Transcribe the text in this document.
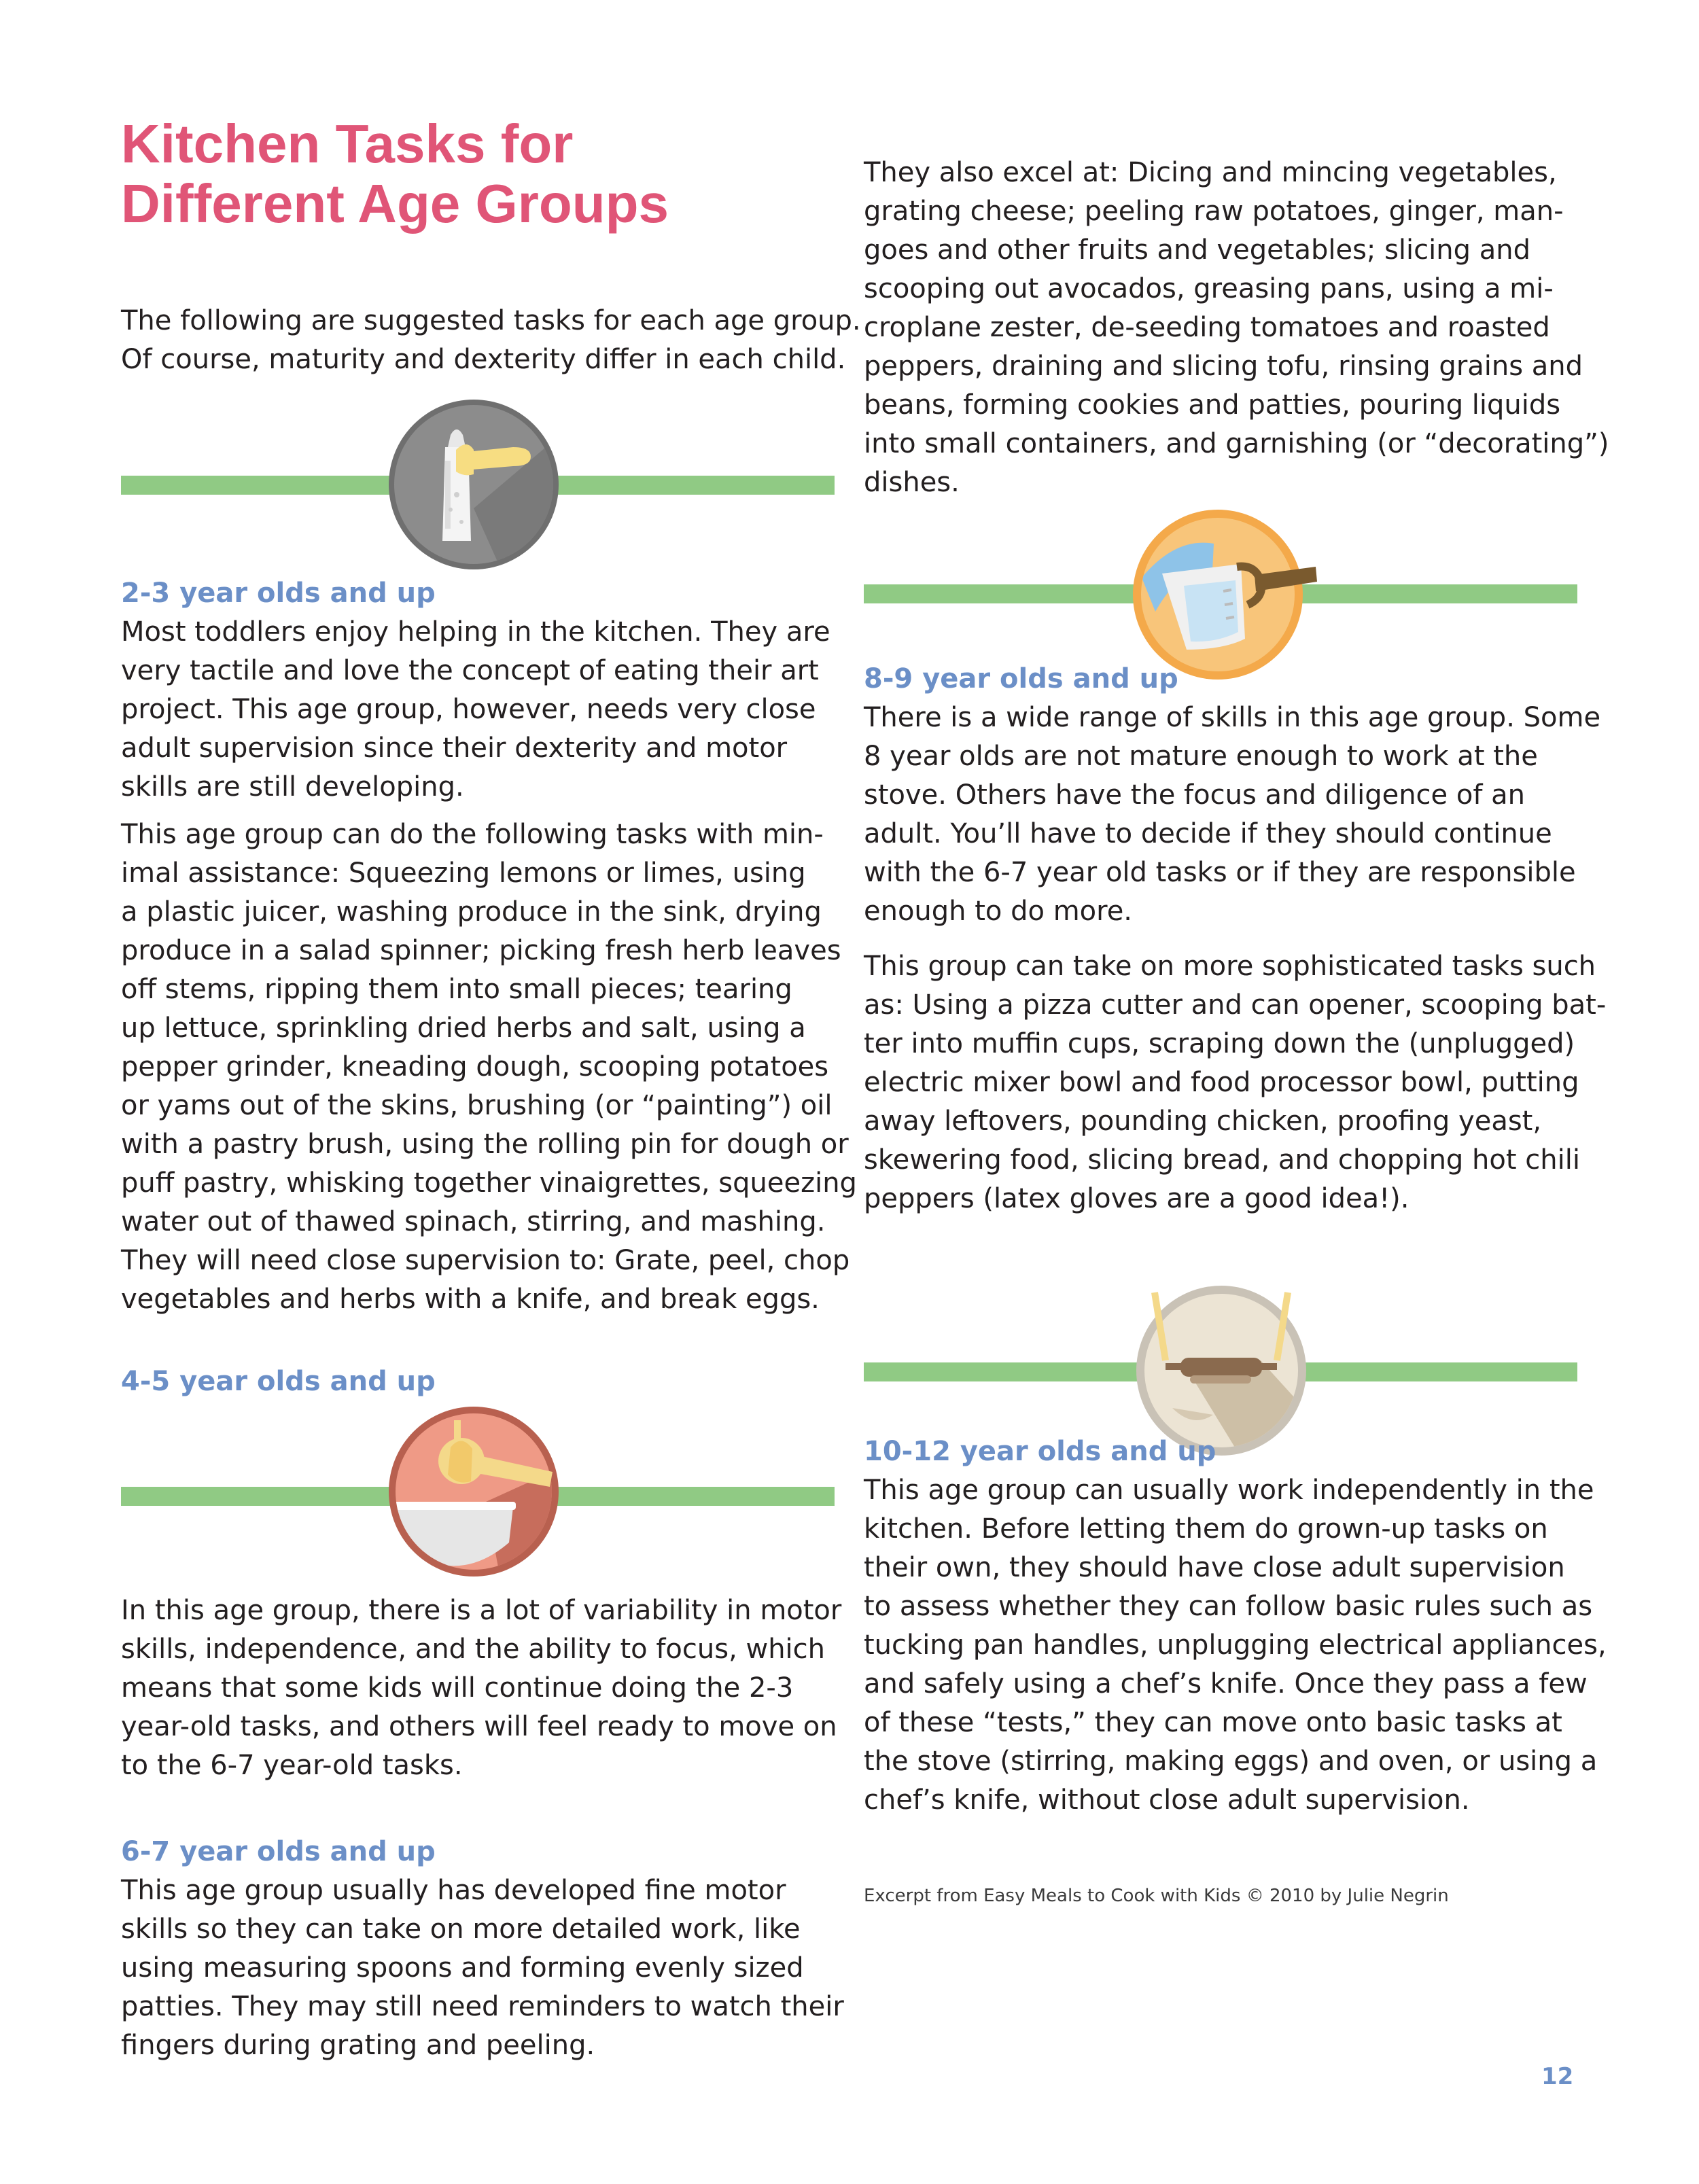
Kitchen Tasks for
Different Age Groups

The following are suggested tasks for each age group.
Of course, maturity and dexterity differ in each child.

2-3 year olds and up

Most toddlers enjoy helping in the kitchen. They are
very tactile and love the concept of eating their art
project. This age group, however, needs very close
adult supervision since their dexterity and motor
skills are still developing.

This age group can do the following tasks with min-
imal assistance: Squeezing lemons or limes, using
a plastic juicer, washing produce in the sink, drying
produce in a salad spinner; picking fresh herb leaves
off stems, ripping them into small pieces; tearing
up lettuce, sprinkling dried herbs and salt, using a
pepper grinder, kneading dough, scooping potatoes
or yams out of the skins, brushing (or “painting”) oil
with a pastry brush, using the rolling pin for dough or
puff pastry, whisking together vinaigrettes, squeezing
water out of thawed spinach, stirring, and mashing.
They will need close supervision to: Grate, peel, chop
vegetables and herbs with a knife, and break eggs.

4-5 year olds and up

In this age group, there is a lot of variability in motor
skills, independence, and the ability to focus, which
means that some kids will continue doing the 2-3
year-old tasks, and others will feel ready to move on
to the 6-7 year-old tasks.

6-7 year olds and up

This age group usually has developed fine motor
skills so they can take on more detailed work, like
using measuring spoons and forming evenly sized
patties. They may still need reminders to watch their
fingers during grating and peeling.

They also excel at: Dicing and mincing vegetables,
grating cheese; peeling raw potatoes, ginger, man-
goes and other fruits and vegetables; slicing and
scooping out avocados, greasing pans, using a mi-
croplane zester, de-seeding tomatoes and roasted
peppers, draining and slicing tofu, rinsing grains and
beans, forming cookies and patties, pouring liquids
into small containers, and garnishing (or “decorating”)
dishes.

8-9 year olds and up

There is a wide range of skills in this age group. Some
8 year olds are not mature enough to work at the
stove. Others have the focus and diligence of an
adult. You’ll have to decide if they should continue
with the 6-7 year old tasks or if they are responsible
enough to do more.

This group can take on more sophisticated tasks such
as: Using a pizza cutter and can opener, scooping bat-
ter into muffin cups, scraping down the (unplugged)
electric mixer bowl and food processor bowl, putting
away leftovers, pounding chicken, proofing yeast,
skewering food, slicing bread, and chopping hot chili
peppers (latex gloves are a good idea!).

10-12 year olds and up

This age group can usually work independently in the
kitchen. Before letting them do grown-up tasks on
their own, they should have close adult supervision
to assess whether they can follow basic rules such as
tucking pan handles, unplugging electrical appliances,
and safely using a chef’s knife. Once they pass a few
of these “tests,” they can move onto basic tasks at
the stove (stirring, making eggs) and oven, or using a
chef’s knife, without close adult supervision.

Excerpt from Easy Meals to Cook with Kids © 2010 by Julie Negrin

12
